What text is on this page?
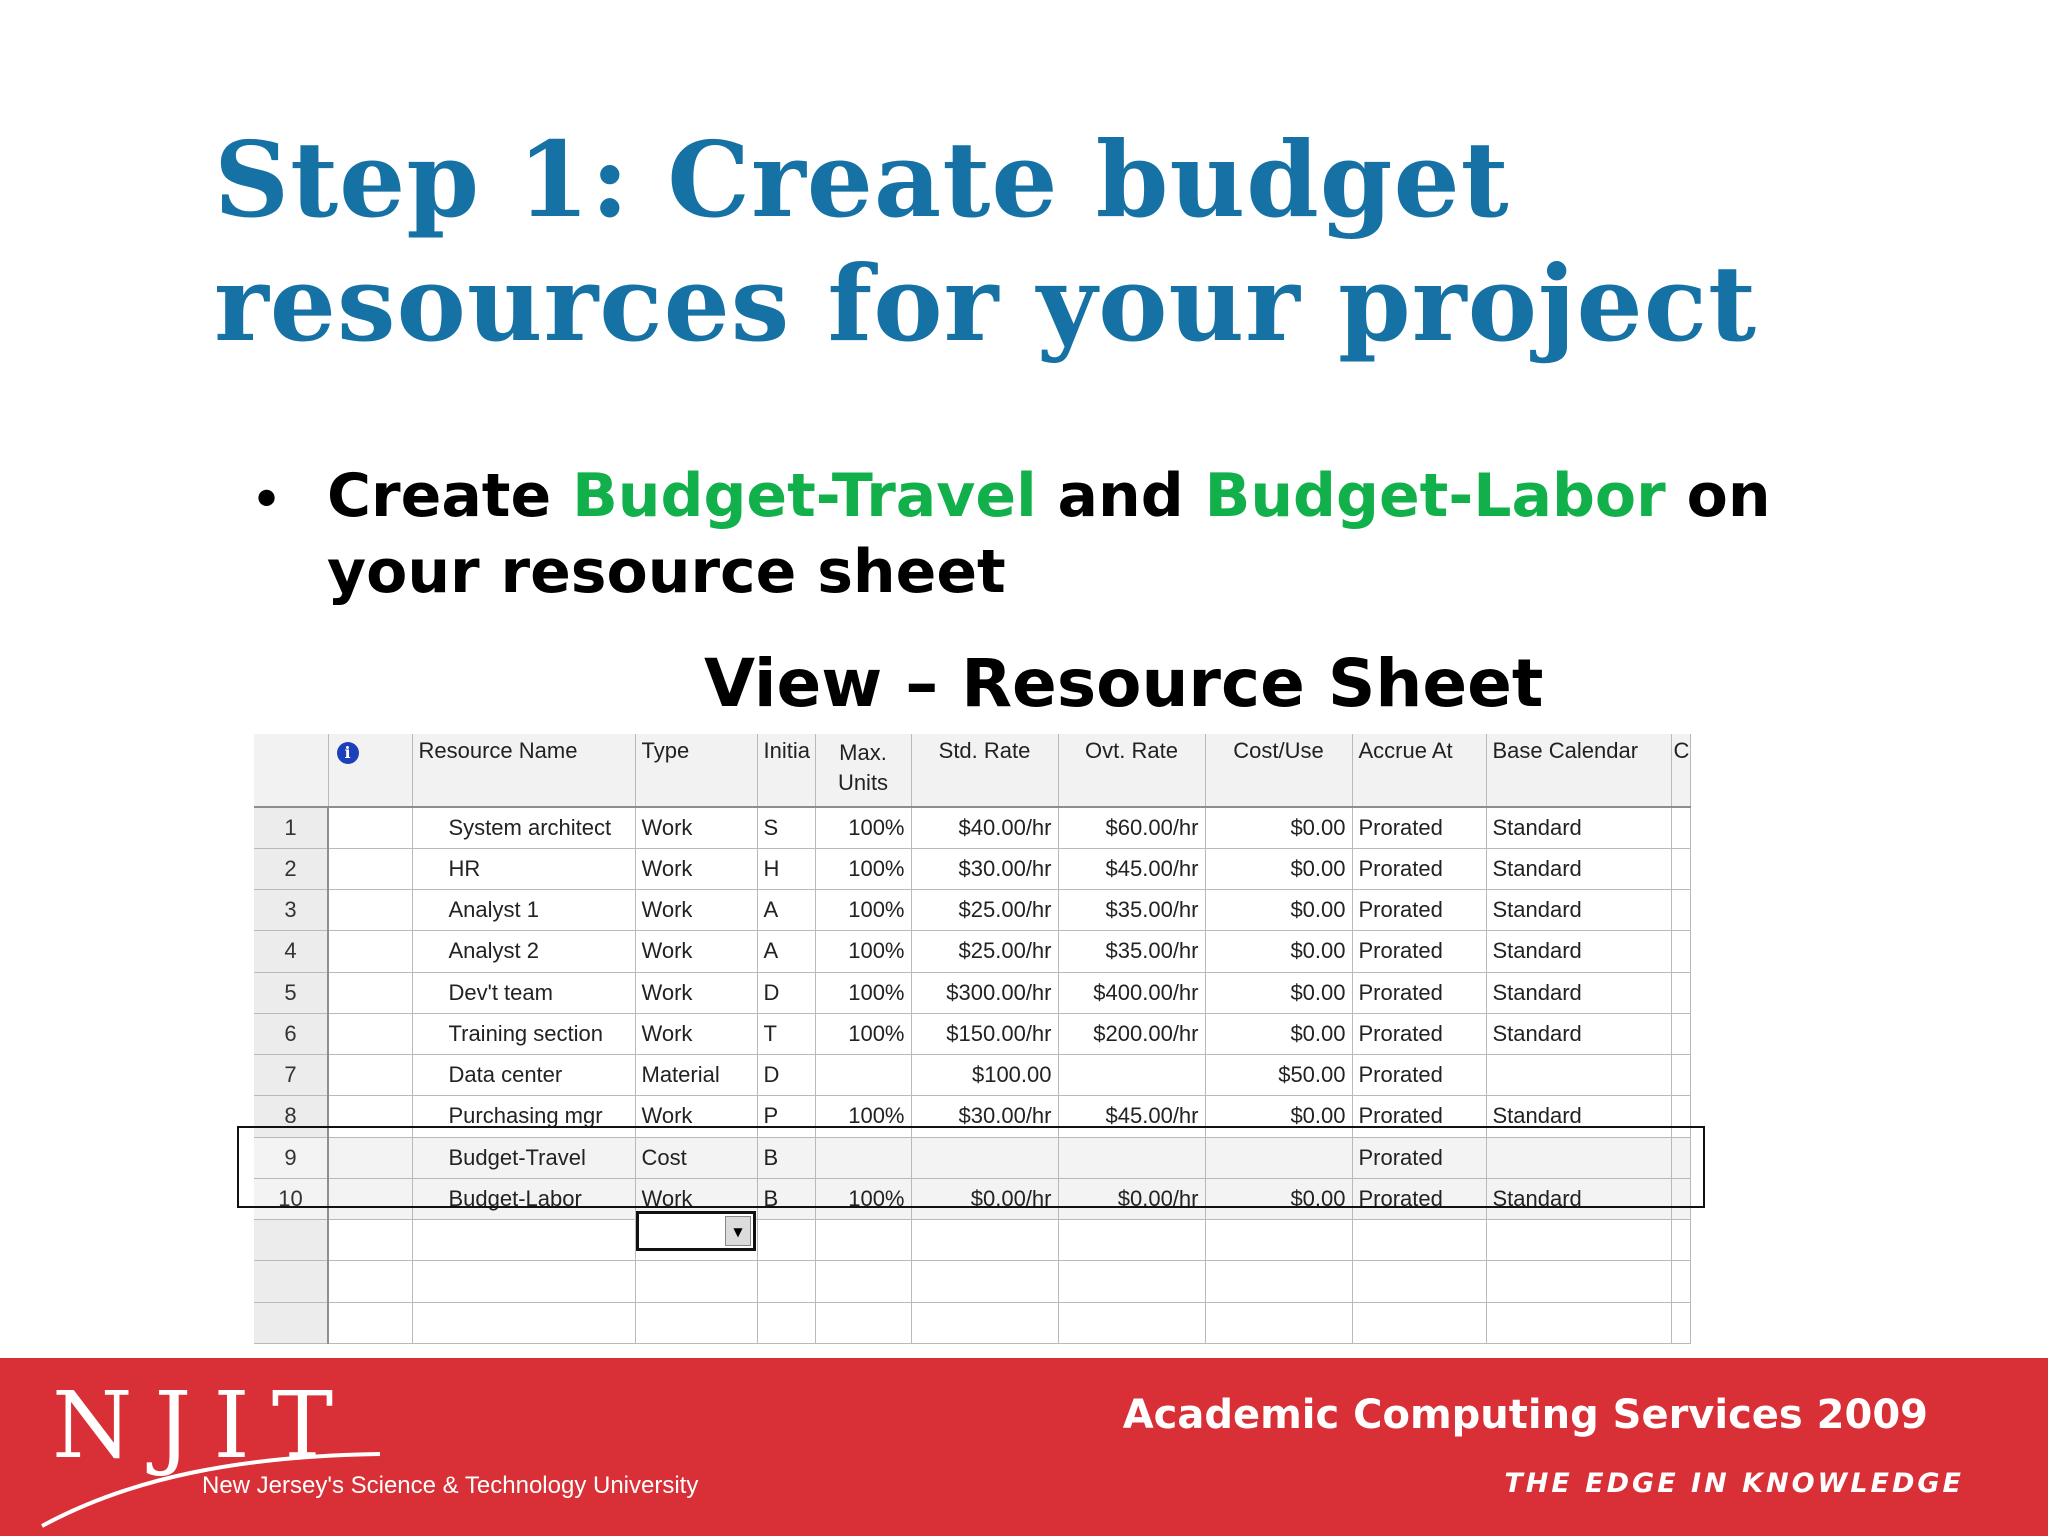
Step 1: Create budget resources for your project
• Create Budget-Travel and Budget-Labor on your resource sheet
View – Resource Sheet
	i	Resource Name	Type	Initia	Max. Units	Std. Rate	Ovt. Rate	Cost/Use	Accrue At	Base Calendar	C
1		System architect	Work	S	100%	$40.00/hr	$60.00/hr	$0.00	Prorated	Standard	
2		HR	Work	H	100%	$30.00/hr	$45.00/hr	$0.00	Prorated	Standard	
3		Analyst 1	Work	A	100%	$25.00/hr	$35.00/hr	$0.00	Prorated	Standard	
4		Analyst 2	Work	A	100%	$25.00/hr	$35.00/hr	$0.00	Prorated	Standard	
5		Dev't team	Work	D	100%	$300.00/hr	$400.00/hr	$0.00	Prorated	Standard	
6		Training section	Work	T	100%	$150.00/hr	$200.00/hr	$0.00	Prorated	Standard	
7		Data center	Material	D		$100.00		$50.00	Prorated		
8		Purchasing mgr	Work	P	100%	$30.00/hr	$45.00/hr	$0.00	Prorated	Standard	
9		Budget-Travel	Cost	B					Prorated		
10		Budget-Labor	Work	B	100%	$0.00/hr	$0.00/hr	$0.00	Prorated	Standard	

▼
NJIT
New Jersey's Science & Technology University
Academic Computing Services 2009
THE EDGE IN KNOWLEDGE
